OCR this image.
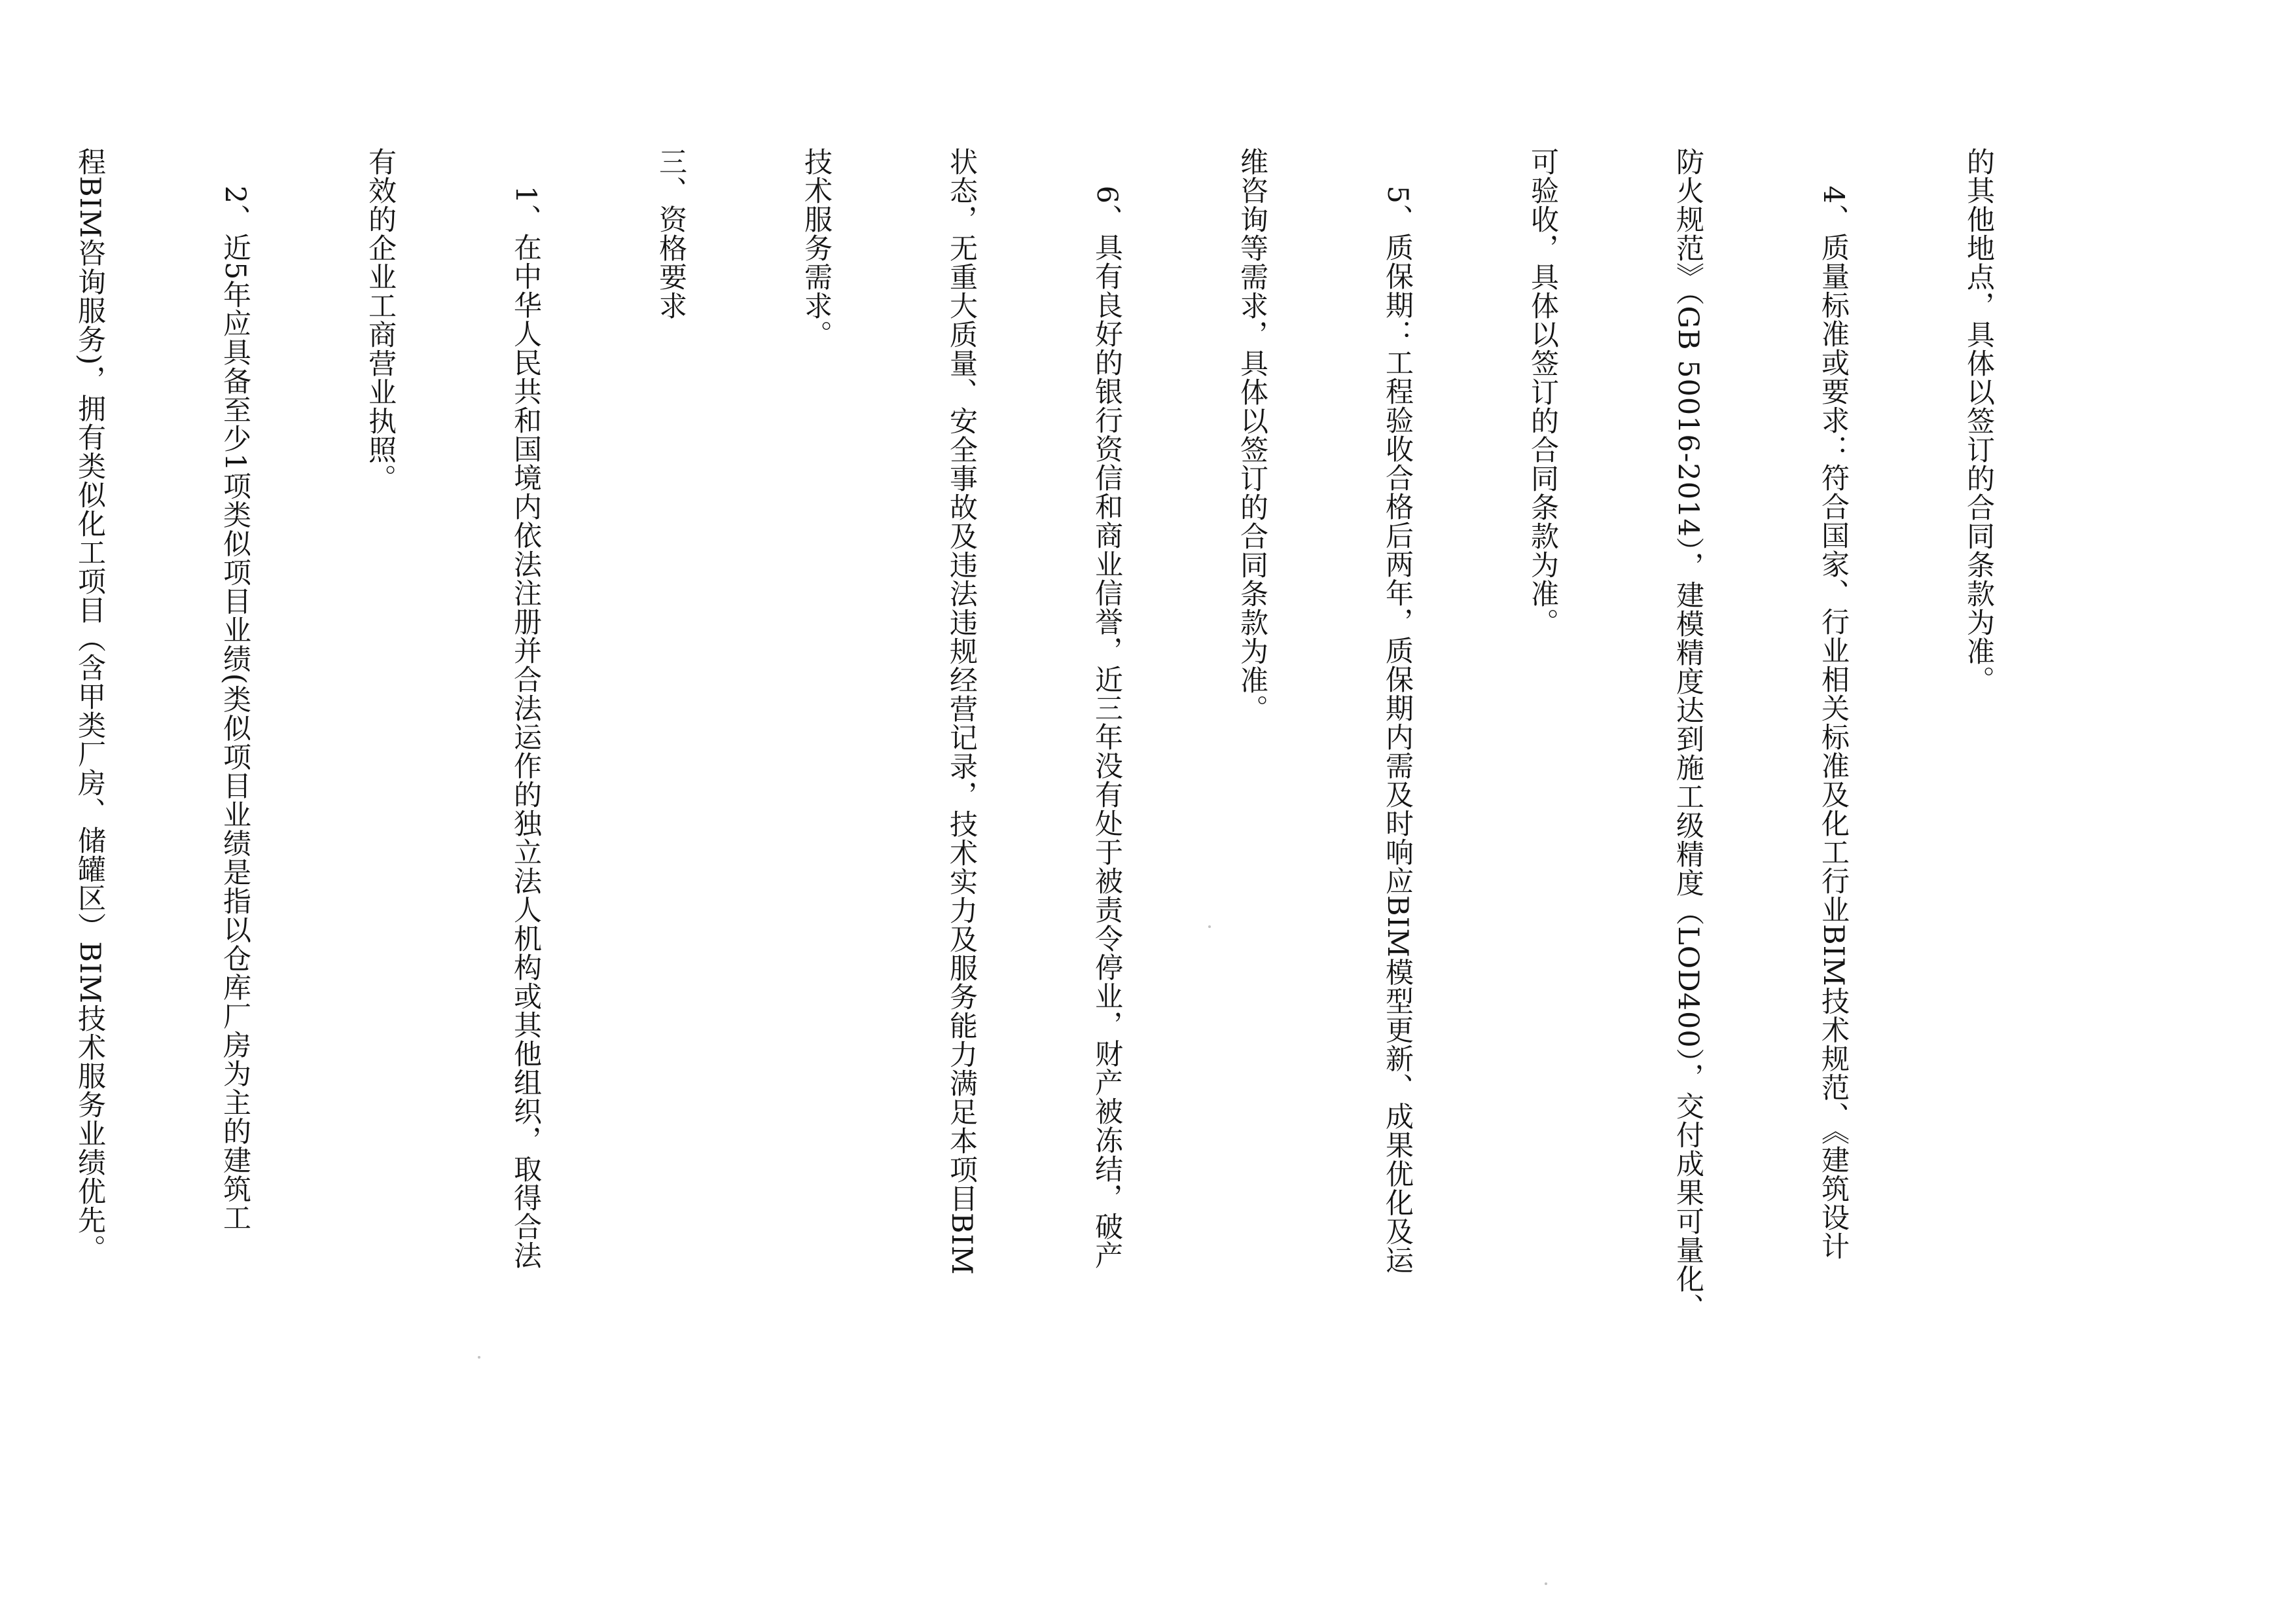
的其他地点，具体以签订的合同条款为准。

4、质量标准或要求：符合国家、行业相关标准及化工行业BIM技术规范、《建筑设计

防火规范》（GB 50016-2014），建模精度达到施工级精度（LOD400），交付成果可量化、

可验收，具体以签订的合同条款为准。

5、质保期：工程验收合格后两年，质保期内需及时响应BIM模型更新、成果优化及运

维咨询等需求，具体以签订的合同条款为准。

6、具有良好的银行资信和商业信誉，近三年没有处于被责令停业，财产被冻结，破产

状态，无重大质量、安全事故及违法违规经营记录，技术实力及服务能力满足本项目BIM

技术服务需求。

三、资格要求

1、在中华人民共和国境内依法注册并合法运作的独立法人机构或其他组织，取得合法

有效的企业工商营业执照。

2、近5年应具备至少1项类似项目业绩(类似项目业绩是指以仓库厂房为主的建筑工

程BIM咨询服务)，拥有类似化工项目（含甲类厂房、储罐区）BIM技术服务业绩优先。
